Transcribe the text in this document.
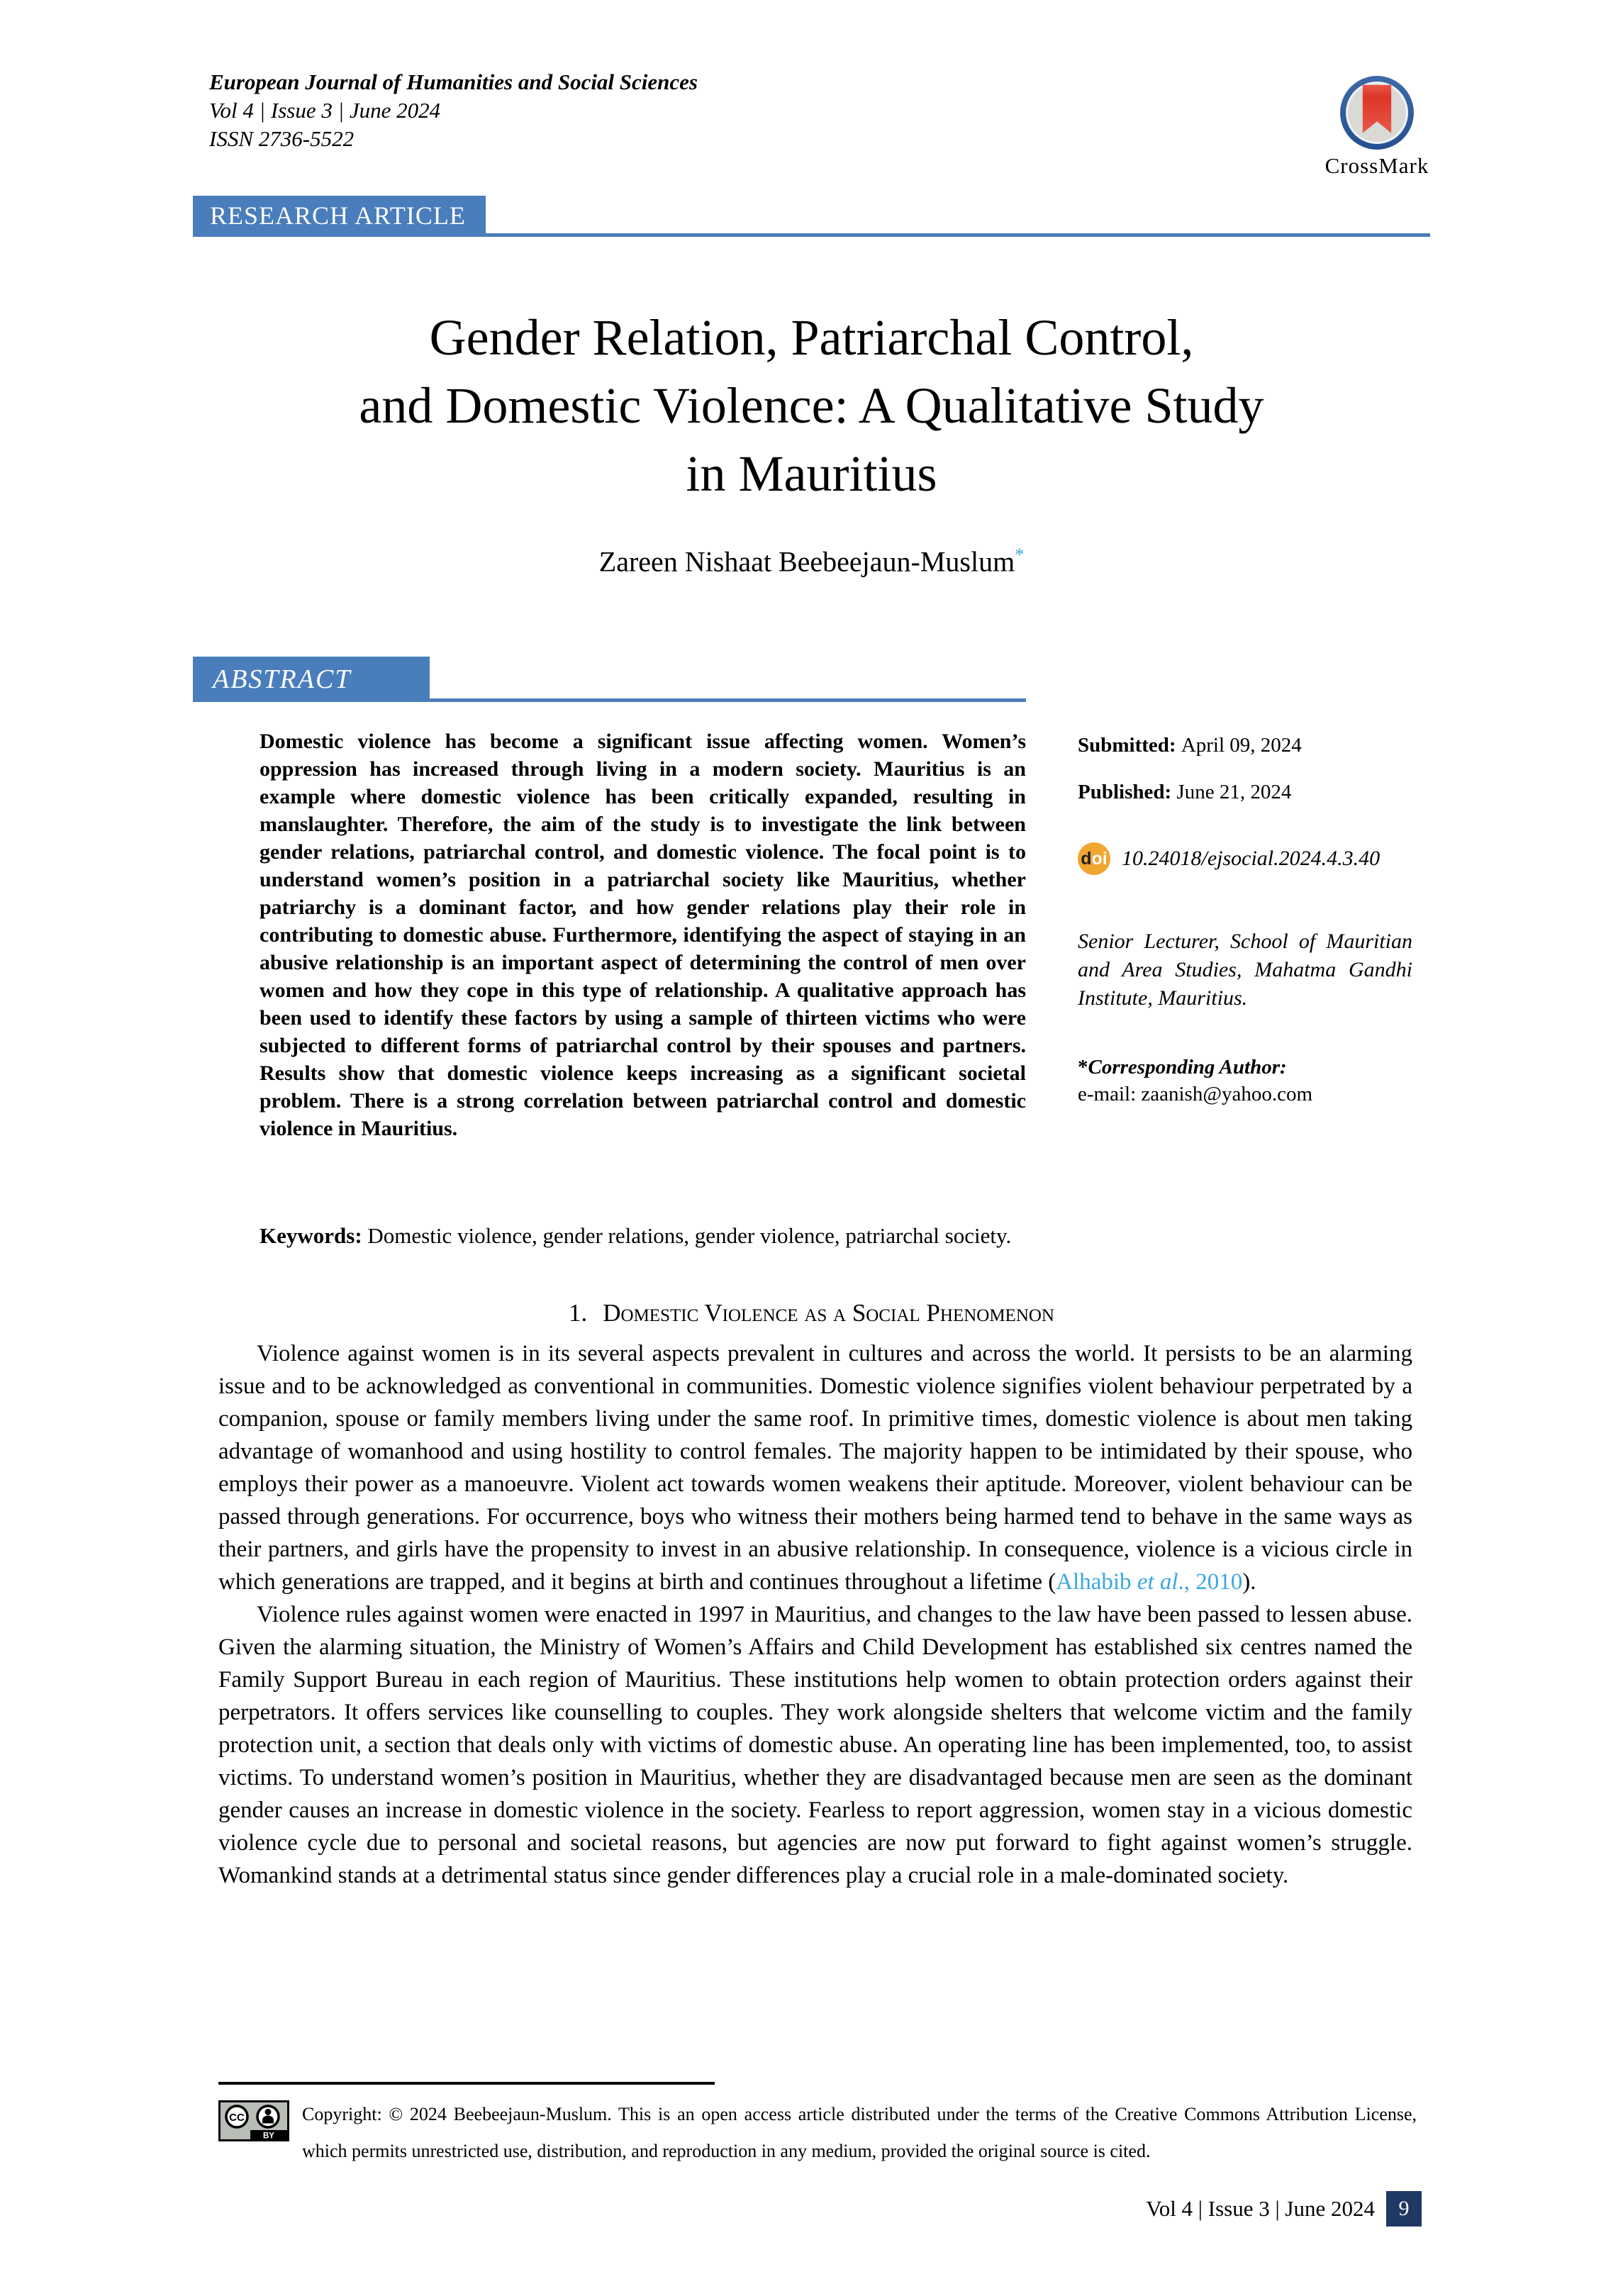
European Journal of Humanities and Social Sciences
Vol 4 | Issue 3 | June 2024
ISSN 2736-5522
CrossMark
RESEARCH ARTICLE
Gender Relation, Patriarchal Control,
and Domestic Violence: A Qualitative Study
in Mauritius
Zareen Nishaat Beebeejaun-Muslum*
ABSTRACT
Domestic violence has become a significant issue affecting women. Women’s oppression has increased through living in a modern society. Mauritius is an example where domestic violence has been critically expanded, resulting in manslaughter. Therefore, the aim of the study is to investigate the link between gender relations, patriarchal control, and domestic violence. The focal point is to understand women’s position in a patriarchal society like Mauritius, whether patriarchy is a dominant factor, and how gender relations play their role in contributing to domestic abuse. Furthermore, identifying the aspect of staying in an abusive relationship is an important aspect of determining the control of men over women and how they cope in this type of relationship. A qualitative approach has been used to identify these factors by using a sample of thirteen victims who were subjected to different forms of patriarchal control by their spouses and partners. Results show that domestic violence keeps increasing as a significant societal problem. There is a strong correlation between patriarchal control and domestic violence in Mauritius.
Submitted: April 09, 2024
Published: June 21, 2024
d oi 10.24018/ejsocial.2024.4.3.40
Senior Lecturer, School of Mauritian and Area Studies, Mahatma Gandhi Institute, Mauritius.
*Corresponding Author:
e-mail: zaanish@yahoo.com
Keywords: Domestic violence, gender relations, gender violence, patriarchal society.
1. Domestic Violence as a Social Phenomenon

Violence against women is in its several aspects prevalent in cultures and across the world. It persists to be an alarming issue and to be acknowledged as conventional in communities. Domestic violence signifies violent behaviour perpetrated by a companion, spouse or family members living under the same roof. In primitive times, domestic violence is about men taking advantage of womanhood and using hostility to control females. The majority happen to be intimidated by their spouse, who employs their power as a manoeuvre. Violent act towards women weakens their aptitude. Moreover, violent behaviour can be passed through generations. For occurrence, boys who witness their mothers being harmed tend to behave in the same ways as their partners, and girls have the propensity to invest in an abusive relationship. In consequence, violence is a vicious circle in which generations are trapped, and it begins at birth and continues throughout a lifetime (Alhabib et al., 2010).

Violence rules against women were enacted in 1997 in Mauritius, and changes to the law have been passed to lessen abuse. Given the alarming situation, the Ministry of Women’s Affairs and Child Development has established six centres named the Family Support Bureau in each region of Mauritius. These institutions help women to obtain protection orders against their perpetrators. It offers services like counselling to couples. They work alongside shelters that welcome victim and the family protection unit, a section that deals only with victims of domestic abuse. An operating line has been implemented, too, to assist victims. To understand women’s position in Mauritius, whether they are disadvantaged because men are seen as the dominant gender causes an increase in domestic violence in the society. Fearless to report aggression, women stay in a vicious domestic violence cycle due to personal and societal reasons, but agencies are now put forward to fight against women’s struggle. Womankind stands at a detrimental status since gender differences play a crucial role in a male-dominated society.

CC
BY
Copyright: © 2024 Beebeejaun-Muslum. This is an open access article distributed under the terms of the Creative Commons Attribution License, which permits unrestricted use, distribution, and reproduction in any medium, provided the original source is cited.
Vol 4 | Issue 3 | June 2024	9
